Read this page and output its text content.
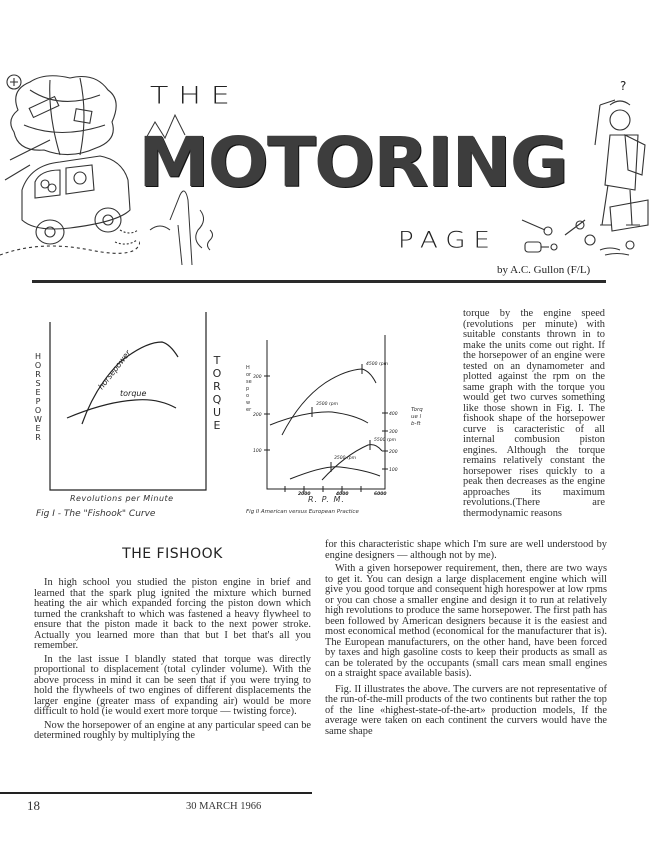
?
THE
MOTORING
PAGE
by A.C. Gullon (F/L)
horsepower
torque
HORSEPOWER
TORQUE
Revolutions per Minute
Fig I - The "Fishook" Curve
4500 rpm
3500 rpm
5500 rpm
3500 rpm
300
200
100
400
300
200
100
2000	4000	6000
Horsepower	Torque lb-ft
R. P. M.
Fig II American versus European Practice

torque by the engine speed (revolutions per minute) with suitable constants thrown in to make the units come out right. If the horsepower of an engine were tested on an dynamometer and plotted against the rpm on the same graph with the torque you would get two curves something like those shown in Fig. I. The fishook shape of the horsepower curve is caracteristic of all internal combusion piston engines. Although the torque remains relatively constant the horsepower rises quickly to a peak then decreases as the engine approaches its maximum revolutions.(There are thermodynamic reasons

for this characteristic shape which I'm sure are well understood by engine designers — although not by me).

With a given horsepower requirement, then, there are two ways to get it. You can design a large displacement engine which will give you good torque and consequent high horespower at low rpms or you can chose a smaller engine and design it to run at relatively high revolutions to produce the same horsepower. The first path has been followed by American designers because it is the easiest and most economical method (economical for the manufacturer that is). The European manufacturers, on the other hand, have been forced by taxes and high gasoline costs to keep their products as small as can be tolerated by the occupants (small cars mean small engines on a straight space available basis).

Fig. II illustrates the above. The curvers are not representative of the run-of-the-mill products of the two continents but rather the top of the line «highest-state-of-the-art» production models, If the average were taken on each continent the curvers would have the same shape

THE FISHOOK

In high school you studied the piston engine in brief and learned that the spark plug ignited the mixture which burned heating the air which expanded forcing the piston down which turned the crankshaft to which was fastened a heavy flywheel to ensure that the piston made it back to the next power stroke. Actually you learned more than that but I bet that's all you remember.

In the last issue I blandly stated that torque was directly proportional to displacement (total cylinder volume). With the above process in mind it can be seen that if you were trying to hold the flywheels of two engines of different displacements the larger engine (greater mass of expanding air) would be more difficult to hold (ie would exert more torque — twisting force).

Now the horsepower of an engine at any particular speed can be determined roughly by multiplying the

18	30 MARCH 1966
